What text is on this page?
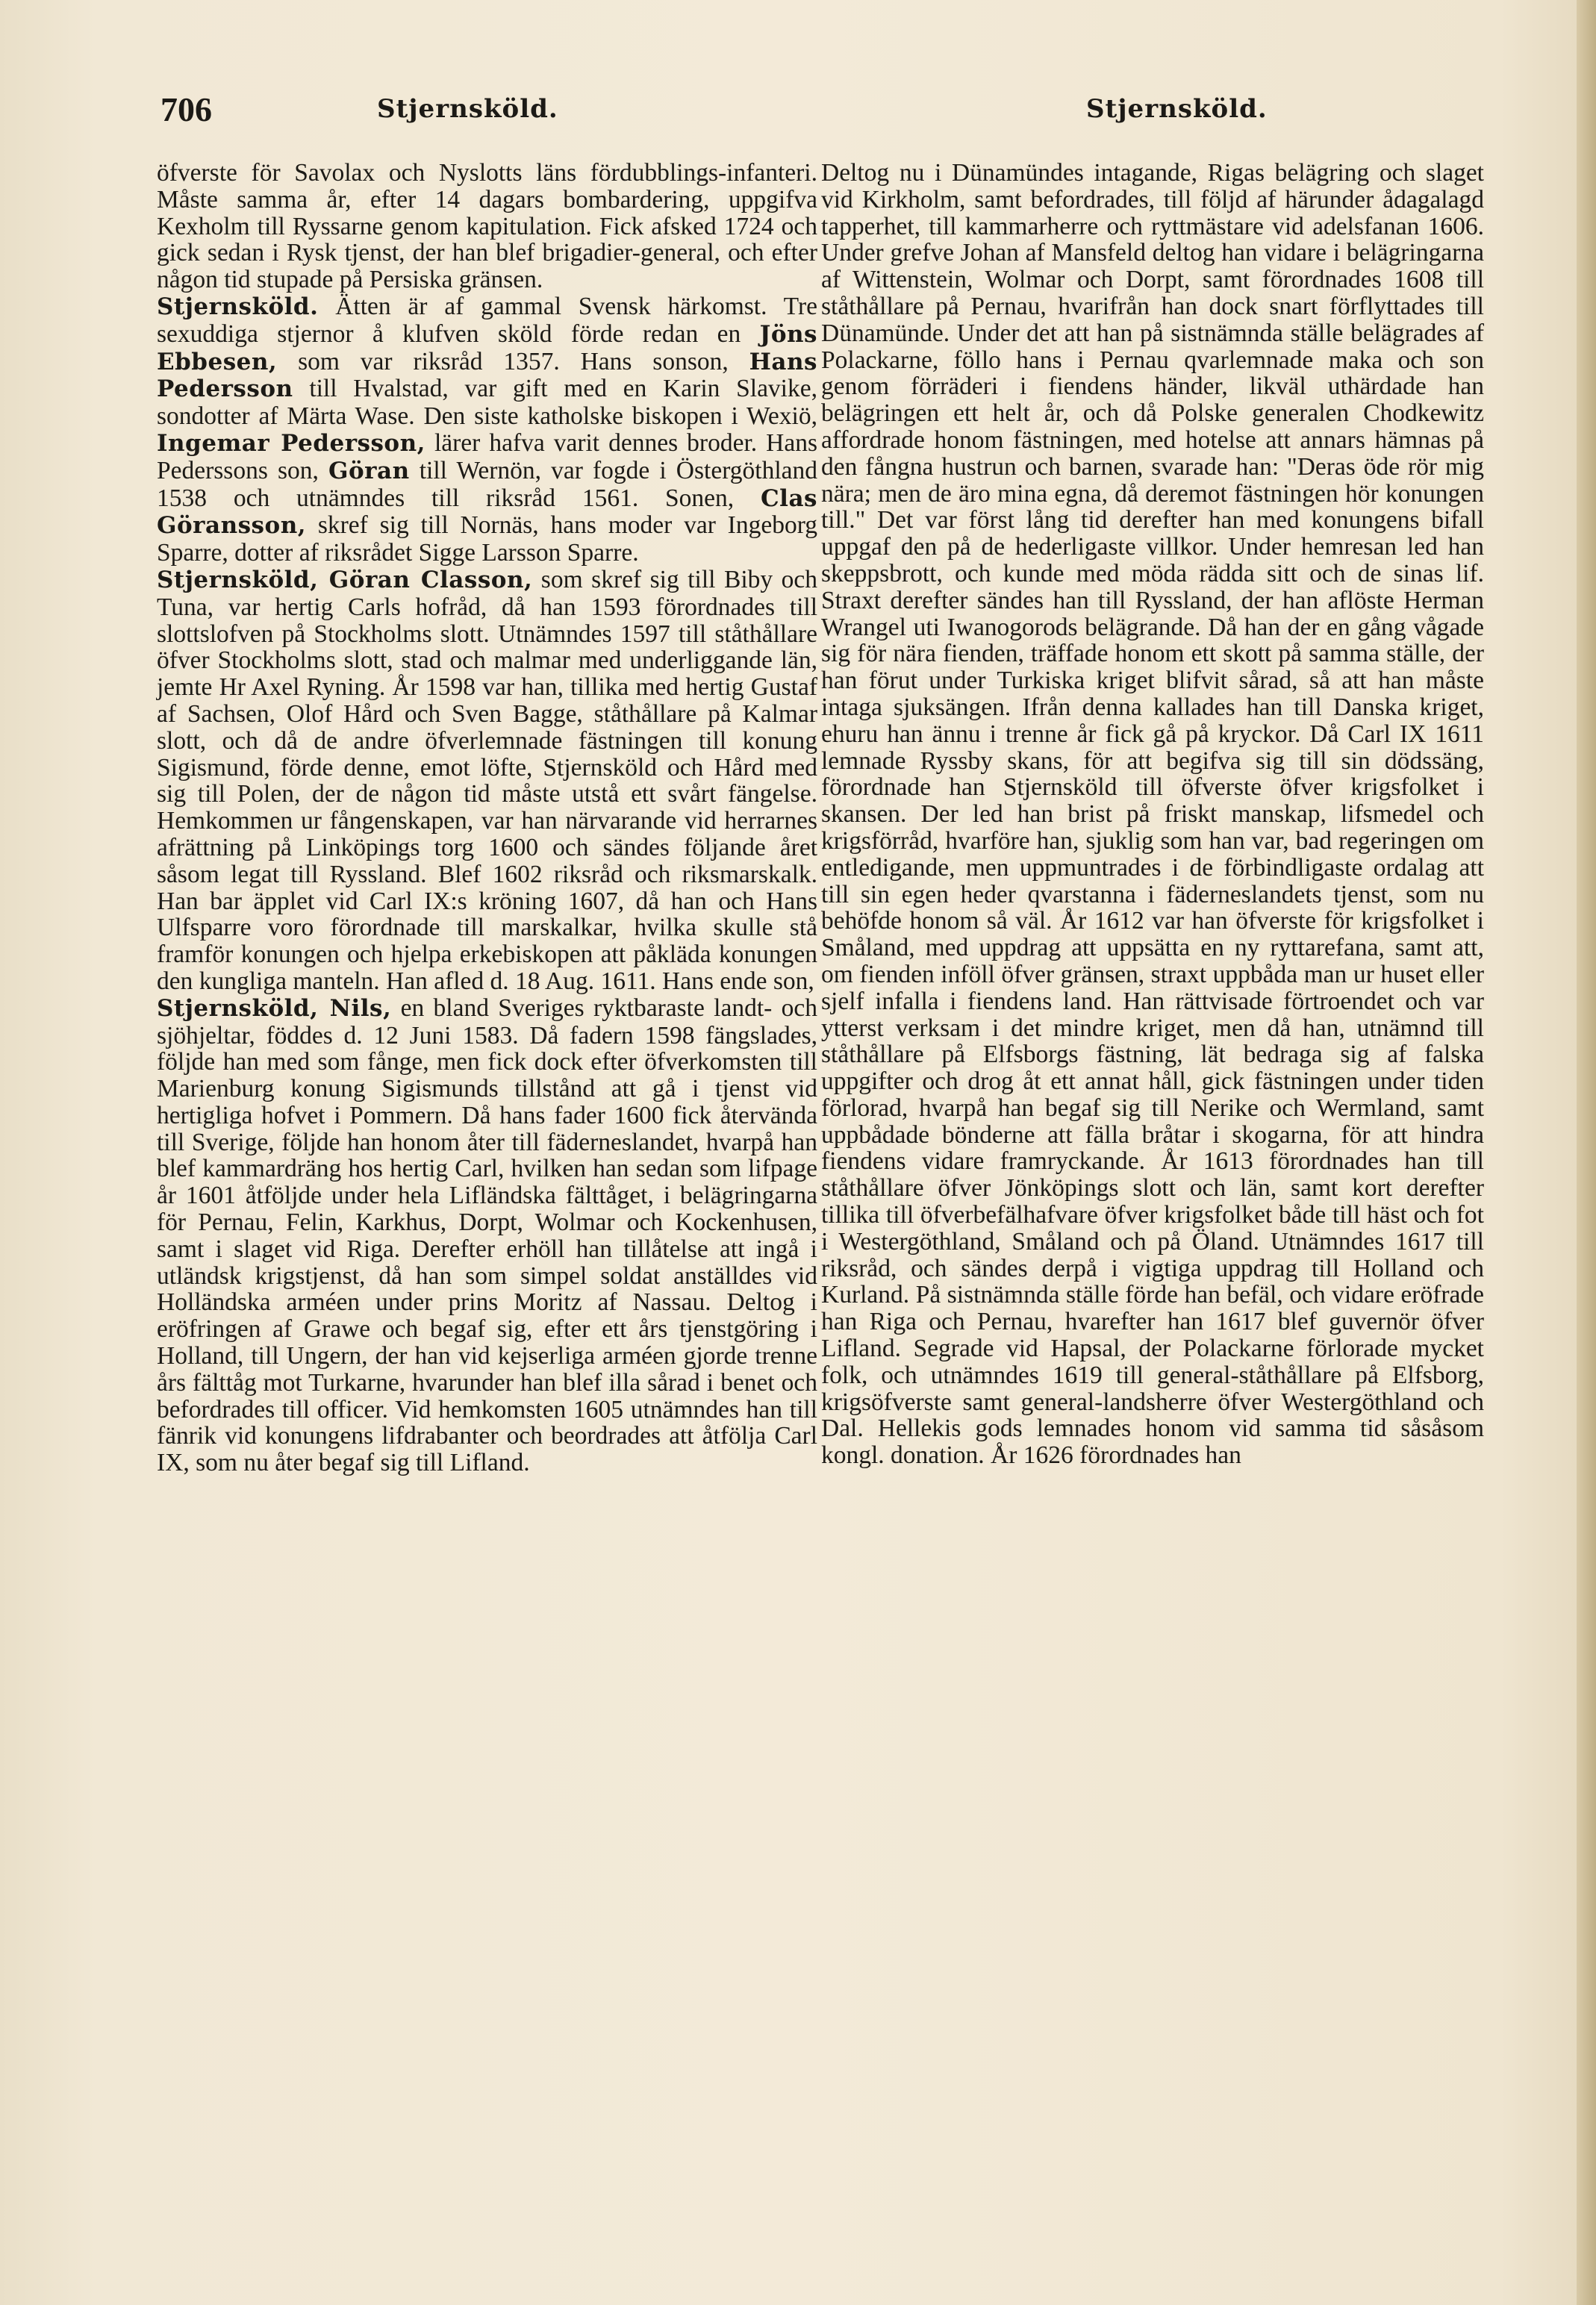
706	Stjernsköld.	Stjernsköld.

öfverste för Savolax och Nyslotts läns fördubblings-infanteri. Måste samma år, efter 14 dagars bombardering, uppgifva Kexholm till Ryssarne genom kapitulation. Fick afsked 1724 och gick sedan i Rysk tjenst, der han blef brigadier-general, och efter någon tid stupade på Persiska gränsen.

Stjernsköld. Ätten är af gammal Svensk härkomst. Tre sexuddiga stjernor å klufven sköld förde redan en Jöns Ebbesen, som var riksråd 1357. Hans sonson, Hans Pedersson till Hvalstad, var gift med en Karin Slavike, sondotter af Märta Wase. Den siste katholske biskopen i Wexiö, Ingemar Pedersson, lärer hafva varit dennes broder. Hans Pederssons son, Göran till Wernön, var fogde i Östergöthland 1538 och utnämndes till riksråd 1561. Sonen, Clas Göransson, skref sig till Nornäs, hans moder var Ingeborg Sparre, dotter af riksrådet Sigge Larsson Sparre.

Stjernsköld, Göran Classon, som skref sig till Biby och Tuna, var hertig Carls hofråd, då han 1593 förordnades till slottslofven på Stockholms slott. Utnämndes 1597 till ståthållare öfver Stockholms slott, stad och malmar med underliggande län, jemte Hr Axel Ryning. År 1598 var han, tillika med hertig Gustaf af Sachsen, Olof Hård och Sven Bagge, ståthållare på Kalmar slott, och då de andre öfverlemnade fästningen till konung Sigismund, förde denne, emot löfte, Stjernsköld och Hård med sig till Polen, der de någon tid måste utstå ett svårt fängelse. Hemkommen ur fångenskapen, var han närvarande vid herrarnes afrättning på Linköpings torg 1600 och sändes följande året såsom legat till Ryssland. Blef 1602 riksråd och riksmarskalk. Han bar äpplet vid Carl IX:s kröning 1607, då han och Hans Ulfsparre voro förordnade till marskalkar, hvilka skulle stå framför konungen och hjelpa erkebiskopen att påkläda konungen den kungliga manteln. Han afled d. 18 Aug. 1611. Hans ende son,

Stjernsköld, Nils, en bland Sveriges ryktbaraste landt- och sjöhjeltar, föddes d. 12 Juni 1583. Då fadern 1598 fängslades, följde han med som fånge, men fick dock efter öfverkomsten till Marienburg konung Sigismunds tillstånd att gå i tjenst vid hertigliga hofvet i Pommern. Då hans fader 1600 fick återvända till Sverige, följde han honom åter till fäderneslandet, hvarpå han blef kammardräng hos hertig Carl, hvilken han sedan som lifpage år 1601 åtföljde under hela Lifländska fälttåget, i belägringarna för Pernau, Felin, Karkhus, Dorpt, Wolmar och Kockenhusen, samt i slaget vid Riga. Derefter erhöll han tillåtelse att ingå i utländsk krigstjenst, då han som simpel soldat anställdes vid Holländska arméen under prins Moritz af Nassau. Deltog i eröfringen af Grawe och begaf sig, efter ett års tjenstgöring i Holland, till Ungern, der han vid kejserliga arméen gjorde trenne års fälttåg mot Turkarne, hvarunder han blef illa sårad i benet och befordrades till officer. Vid hemkomsten 1605 utnämndes han till fänrik vid konungens lifdrabanter och beordrades att åtfölja Carl IX, som nu åter begaf sig till Lifland.

Deltog nu i Dünamündes intagande, Rigas belägring och slaget vid Kirkholm, samt befordrades, till följd af härunder ådagalagd tapperhet, till kammarherre och ryttmästare vid adelsfanan 1606. Under grefve Johan af Mansfeld deltog han vidare i belägringarna af Wittenstein, Wolmar och Dorpt, samt förordnades 1608 till ståthållare på Pernau, hvarifrån han dock snart förflyttades till Dünamünde. Under det att han på sistnämnda ställe belägrades af Polackarne, föllo hans i Pernau qvarlemnade maka och son genom förräderi i fiendens händer, likväl uthärdade han belägringen ett helt år, och då Polske generalen Chodkewitz affordrade honom fästningen, med hotelse att annars hämnas på den fångna hustrun och barnen, svarade han: "Deras öde rör mig nära; men de äro mina egna, då deremot fästningen hör konungen till." Det var först lång tid derefter han med konungens bifall uppgaf den på de hederligaste villkor. Under hemresan led han skeppsbrott, och kunde med möda rädda sitt och de sinas lif. Straxt derefter sändes han till Ryssland, der han aflöste Herman Wrangel uti Iwanogorods belägrande. Då han der en gång vågade sig för nära fienden, träffade honom ett skott på samma ställe, der han förut under Turkiska kriget blifvit sårad, så att han måste intaga sjuksängen. Ifrån denna kallades han till Danska kriget, ehuru han ännu i trenne år fick gå på kryckor. Då Carl IX 1611 lemnade Ryssby skans, för att begifva sig till sin dödssäng, förordnade han Stjernsköld till öfverste öfver krigsfolket i skansen. Der led han brist på friskt manskap, lifsmedel och krigsförråd, hvarföre han, sjuklig som han var, bad regeringen om entledigande, men uppmuntrades i de förbindligaste ordalag att till sin egen heder qvarstanna i fäderneslandets tjenst, som nu behöfde honom så väl. År 1612 var han öfverste för krigsfolket i Småland, med uppdrag att uppsätta en ny ryttarefana, samt att, om fienden inföll öfver gränsen, straxt uppbåda man ur huset eller sjelf infalla i fiendens land. Han rättvisade förtroendet och var ytterst verksam i det mindre kriget, men då han, utnämnd till ståthållare på Elfsborgs fästning, lät bedraga sig af falska uppgifter och drog åt ett annat håll, gick fästningen under tiden förlorad, hvarpå han begaf sig till Nerike och Wermland, samt uppbådade bönderne att fälla bråtar i skogarna, för att hindra fiendens vidare framryckande. År 1613 förordnades han till ståthållare öfver Jönköpings slott och län, samt kort derefter tillika till öfverbefälhafvare öfver krigsfolket både till häst och fot i Westergöthland, Småland och på Öland. Utnämndes 1617 till riksråd, och sändes derpå i vigtiga uppdrag till Holland och Kurland. På sistnämnda ställe förde han befäl, och vidare eröfrade han Riga och Pernau, hvarefter han 1617 blef guvernör öfver Lifland. Segrade vid Hapsal, der Polackarne förlorade mycket folk, och utnämndes 1619 till general-ståthållare på Elfsborg, krigsöfverste samt general-landsherre öfver Westergöthland och Dal. Hellekis gods lemnades honom vid samma tid såsåsom kongl. donation. År 1626 förordnades han
